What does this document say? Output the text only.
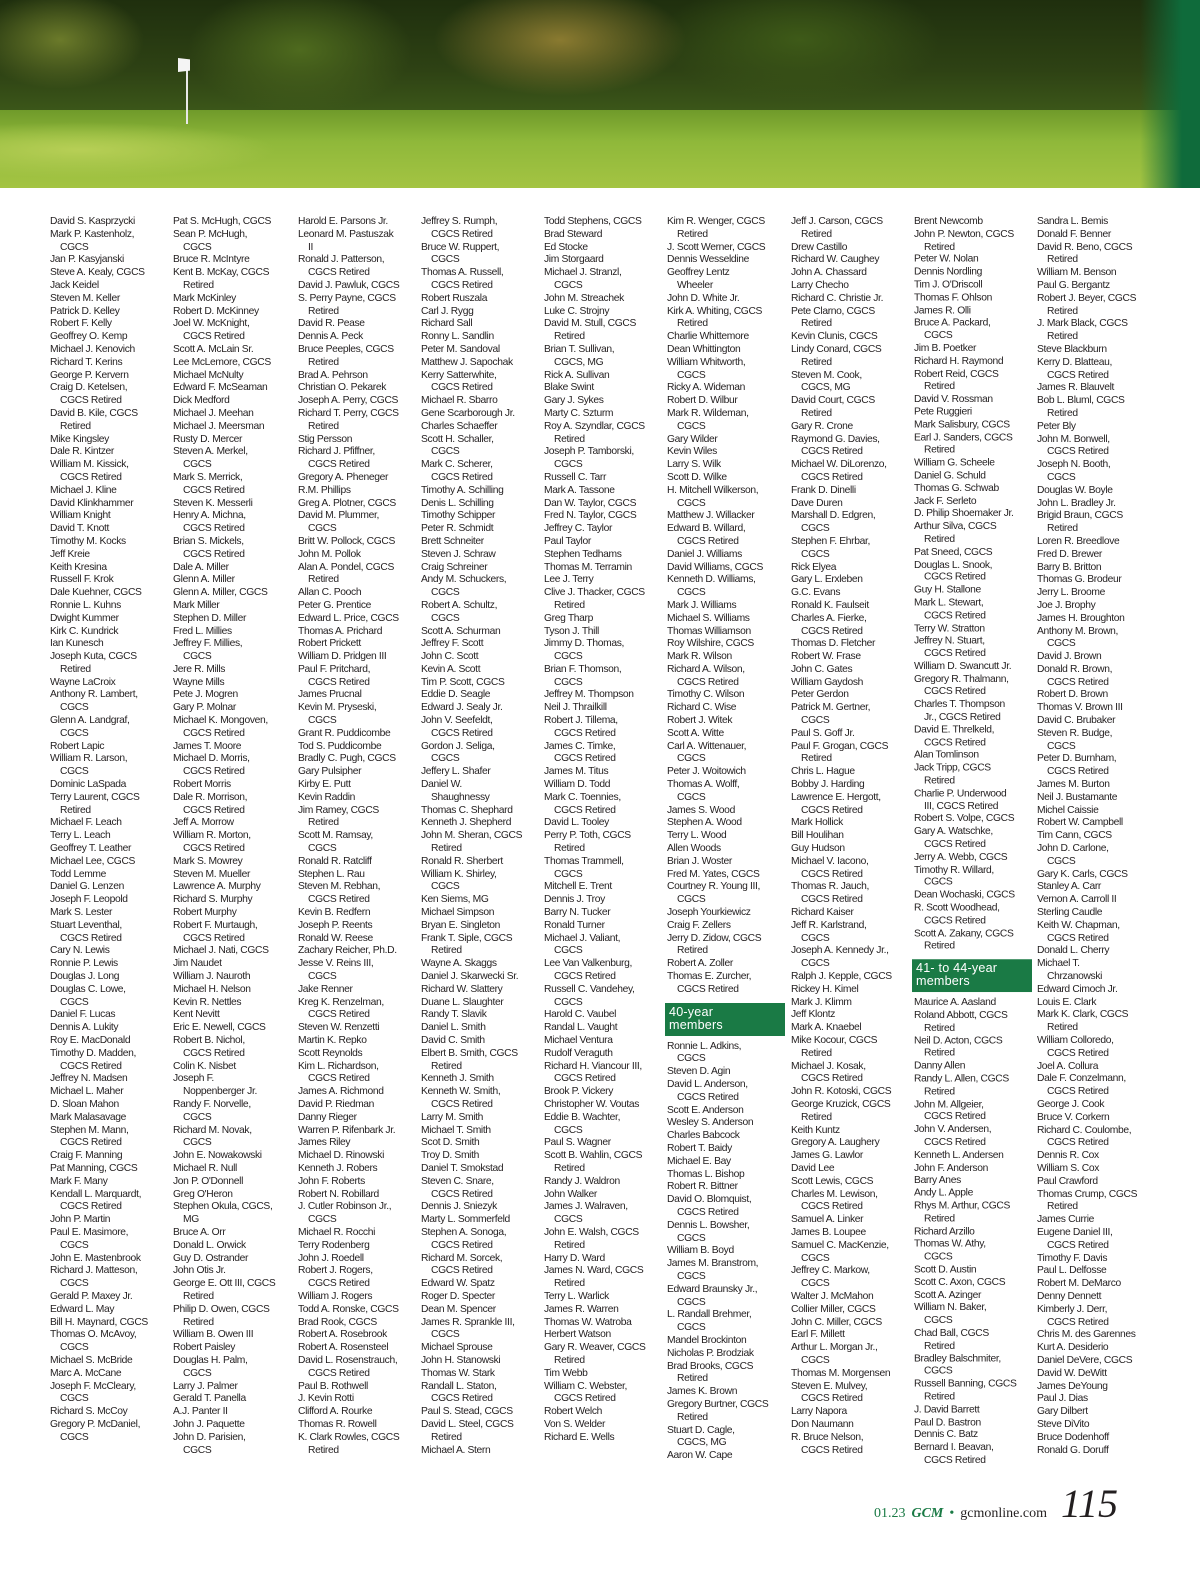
David S. Kasprzycki
Mark P. Kastenholz,
CGCS
Jan P. Kasyjanski
Steve A. Kealy, CGCS
Jack Keidel
Steven M. Keller
Patrick D. Kelley
Robert F. Kelly
Geoffrey O. Kemp
Michael J. Kenovich
Richard T. Kerins
George P. Kervern
Craig D. Ketelsen,
CGCS Retired
David B. Kile, CGCS
Retired
Mike Kingsley
Dale R. Kintzer
William M. Kissick,
CGCS Retired
Michael J. Kline
David Klinkhammer
William Knight
David T. Knott
Timothy M. Kocks
Jeff Kreie
Keith Kresina
Russell F. Krok
Dale Kuehner, CGCS
Ronnie L. Kuhns
Dwight Kummer
Kirk C. Kundrick
Ian Kunesch
Joseph Kuta, CGCS
Retired
Wayne LaCroix
Anthony R. Lambert,
CGCS
Glenn A. Landgraf,
CGCS
Robert Lapic
William R. Larson,
CGCS
Dominic LaSpada
Terry Laurent, CGCS
Retired
Michael F. Leach
Terry L. Leach
Geoffrey T. Leather
Michael Lee, CGCS
Todd Lemme
Daniel G. Lenzen
Joseph F. Leopold
Mark S. Lester
Stuart Leventhal,
CGCS Retired
Cary N. Lewis
Ronnie P. Lewis
Douglas J. Long
Douglas C. Lowe,
CGCS
Daniel F. Lucas
Dennis A. Lukity
Roy E. MacDonald
Timothy D. Madden,
CGCS Retired
Jeffrey N. Madsen
Michael L. Maher
D. Sloan Mahon
Mark Malasavage
Stephen M. Mann,
CGCS Retired
Craig F. Manning
Pat Manning, CGCS
Mark F. Many
Kendall L. Marquardt,
CGCS Retired
John P. Martin
Paul E. Masimore,
CGCS
John E. Mastenbrook
Richard J. Matteson,
CGCS
Gerald P. Maxey Jr.
Edward L. May
Bill H. Maynard, CGCS
Thomas O. McAvoy,
CGCS
Michael S. McBride
Marc A. McCane
Joseph F. McCleary,
CGCS
Richard S. McCoy
Gregory P. McDaniel,
CGCS
Pat S. McHugh, CGCS
Sean P. McHugh,
CGCS
Bruce R. McIntyre
Kent B. McKay, CGCS
Retired
Mark McKinley
Robert D. McKinney
Joel W. McKnight,
CGCS Retired
Scott A. McLain Sr.
Lee McLemore, CGCS
Michael McNulty
Edward F. McSeaman
Dick Medford
Michael J. Meehan
Michael J. Meersman
Rusty D. Mercer
Steven A. Merkel,
CGCS
Mark S. Merrick,
CGCS Retired
Steven K. Messerli
Henry A. Michna,
CGCS Retired
Brian S. Mickels,
CGCS Retired
Dale A. Miller
Glenn A. Miller
Glenn A. Miller, CGCS
Mark Miller
Stephen D. Miller
Fred L. Millies
Jeffrey F. Millies,
CGCS
Jere R. Mills
Wayne Mills
Pete J. Mogren
Gary P. Molnar
Michael K. Mongoven,
CGCS Retired
James T. Moore
Michael D. Morris,
CGCS Retired
Robert Morris
Dale R. Morrison,
CGCS Retired
Jeff A. Morrow
William R. Morton,
CGCS Retired
Mark S. Mowrey
Steven M. Mueller
Lawrence A. Murphy
Richard S. Murphy
Robert Murphy
Robert F. Murtaugh,
CGCS Retired
Michael J. Nati, CGCS
Jim Naudet
William J. Nauroth
Michael H. Nelson
Kevin R. Nettles
Kent Nevitt
Eric E. Newell, CGCS
Robert B. Nichol,
CGCS Retired
Colin K. Nisbet
Joseph F.
Noppenberger Jr.
Randy F. Norvelle,
CGCS
Richard M. Novak,
CGCS
John E. Nowakowski
Michael R. Null
Jon P. O'Donnell
Greg O'Heron
Stephen Okula, CGCS,
MG
Bruce A. Orr
Donald L. Orwick
Guy D. Ostrander
John Otis Jr.
George E. Ott III, CGCS
Retired
Philip D. Owen, CGCS
Retired
William B. Owen III
Robert Paisley
Douglas H. Palm,
CGCS
Larry J. Palmer
Gerald T. Panella
A.J. Panter II
John J. Paquette
John D. Parisien,
CGCS
Harold E. Parsons Jr.
Leonard M. Pastuszak
II
Ronald J. Patterson,
CGCS Retired
David J. Pawluk, CGCS
S. Perry Payne, CGCS
Retired
David R. Pease
Dennis A. Peck
Bruce Peeples, CGCS
Retired
Brad A. Pehrson
Christian O. Pekarek
Joseph A. Perry, CGCS
Richard T. Perry, CGCS
Retired
Stig Persson
Richard J. Pfiffner,
CGCS Retired
Gregory A. Pheneger
R.M. Phillips
Greg A. Plotner, CGCS
David M. Plummer,
CGCS
Britt W. Pollock, CGCS
John M. Pollok
Alan A. Pondel, CGCS
Retired
Allan C. Pooch
Peter G. Prentice
Edward L. Price, CGCS
Thomas A. Prichard
Robert Prickett
William D. Pridgen III
Paul F. Pritchard,
CGCS Retired
James Prucnal
Kevin M. Pryseski,
CGCS
Grant R. Puddicombe
Tod S. Puddicombe
Bradly C. Pugh, CGCS
Gary Pulsipher
Kirby E. Putt
Kevin Raddin
Jim Ramey, CGCS
Retired
Scott M. Ramsay,
CGCS
Ronald R. Ratcliff
Stephen L. Rau
Steven M. Rebhan,
CGCS Retired
Kevin B. Redfern
Joseph P. Reents
Ronald W. Reese
Zachary Reicher, Ph.D.
Jesse V. Reins III,
CGCS
Jake Renner
Kreg K. Renzelman,
CGCS Retired
Steven W. Renzetti
Martin K. Repko
Scott Reynolds
Kim L. Richardson,
CGCS Retired
James A. Richmond
David P. Riedman
Danny Rieger
Warren P. Rifenbark Jr.
James Riley
Michael D. Rinowski
Kenneth J. Robers
John F. Roberts
Robert N. Robillard
J. Cutler Robinson Jr.,
CGCS
Michael R. Rocchi
Terry Rodenberg
John J. Roedell
Robert J. Rogers,
CGCS Retired
William J. Rogers
Todd A. Ronske, CGCS
Brad Rook, CGCS
Robert A. Rosebrook
Robert A. Rosensteel
David L. Rosenstrauch,
CGCS Retired
Paul B. Rothwell
J. Kevin Rotti
Clifford A. Rourke
Thomas R. Rowell
K. Clark Rowles, CGCS
Retired
Jeffrey S. Rumph,
CGCS Retired
Bruce W. Ruppert,
CGCS
Thomas A. Russell,
CGCS Retired
Robert Ruszala
Carl J. Rygg
Richard Sall
Ronny L. Sandlin
Peter M. Sandoval
Matthew J. Sapochak
Kerry Satterwhite,
CGCS Retired
Michael R. Sbarro
Gene Scarborough Jr.
Charles Schaeffer
Scott H. Schaller,
CGCS
Mark C. Scherer,
CGCS Retired
Timothy A. Schilling
Denis L. Schilling
Timothy Schipper
Peter R. Schmidt
Brett Schneiter
Steven J. Schraw
Craig Schreiner
Andy M. Schuckers,
CGCS
Robert A. Schultz,
CGCS
Scott A. Schurman
Jeffrey F. Scott
John C. Scott
Kevin A. Scott
Tim P. Scott, CGCS
Eddie D. Seagle
Edward J. Sealy Jr.
John V. Seefeldt,
CGCS Retired
Gordon J. Seliga,
CGCS
Jeffery L. Shafer
Daniel W.
Shaughnessy
Thomas C. Shephard
Kenneth J. Shepherd
John M. Sheran, CGCS
Retired
Ronald R. Sherbert
William K. Shirley,
CGCS
Ken Siems, MG
Michael Simpson
Bryan E. Singleton
Frank T. Siple, CGCS
Retired
Wayne A. Skaggs
Daniel J. Skarwecki Sr.
Richard W. Slattery
Duane L. Slaughter
Randy T. Slavik
Daniel L. Smith
David C. Smith
Elbert B. Smith, CGCS
Retired
Kenneth J. Smith
Kenneth W. Smith,
CGCS Retired
Larry M. Smith
Michael T. Smith
Scot D. Smith
Troy D. Smith
Daniel T. Smokstad
Steven C. Snare,
CGCS Retired
Dennis J. Sniezyk
Marty L. Sommerfeld
Stephen A. Sonoga,
CGCS Retired
Richard M. Sorcek,
CGCS Retired
Edward W. Spatz
Roger D. Specter
Dean M. Spencer
James R. Sprankle III,
CGCS
Michael Sprouse
John H. Stanowski
Thomas W. Stark
Randall L. Staton,
CGCS Retired
Paul S. Stead, CGCS
David L. Steel, CGCS
Retired
Michael A. Stern
Todd Stephens, CGCS
Brad Steward
Ed Stocke
Jim Storgaard
Michael J. Stranzl,
CGCS
John M. Streachek
Luke C. Strojny
David M. Stull, CGCS
Retired
Brian T. Sullivan,
CGCS, MG
Rick A. Sullivan
Blake Swint
Gary J. Sykes
Marty C. Szturm
Roy A. Szyndlar, CGCS
Retired
Joseph P. Tamborski,
CGCS
Russell C. Tarr
Mark A. Tassone
Dan W. Taylor, CGCS
Fred N. Taylor, CGCS
Jeffrey C. Taylor
Paul Taylor
Stephen Tedhams
Thomas M. Terramin
Lee J. Terry
Clive J. Thacker, CGCS
Retired
Greg Tharp
Tyson J. Thill
Jimmy D. Thomas,
CGCS
Brian F. Thomson,
CGCS
Jeffrey M. Thompson
Neil J. Thrailkill
Robert J. Tillema,
CGCS Retired
James C. Timke,
CGCS Retired
James M. Titus
William D. Todd
Mark C. Toennies,
CGCS Retired
David L. Tooley
Perry P. Toth, CGCS
Retired
Thomas Trammell,
CGCS
Mitchell E. Trent
Dennis J. Troy
Barry N. Tucker
Ronald Turner
Michael J. Valiant,
CGCS
Lee Van Valkenburg,
CGCS Retired
Russell C. Vandehey,
CGCS
Harold C. Vaubel
Randal L. Vaught
Michael Ventura
Rudolf Veraguth
Richard H. Viancour III,
CGCS Retired
Brook P. Vickery
Christopher W. Voutas
Eddie B. Wachter,
CGCS
Paul S. Wagner
Scott B. Wahlin, CGCS
Retired
Randy J. Waldron
John Walker
James J. Walraven,
CGCS
John E. Walsh, CGCS
Retired
Harry D. Ward
James N. Ward, CGCS
Retired
Terry L. Warlick
James R. Warren
Thomas W. Watroba
Herbert Watson
Gary R. Weaver, CGCS
Retired
Tim Webb
William C. Webster,
CGCS Retired
Robert Welch
Von S. Welder
Richard E. Wells
Kim R. Wenger, CGCS
Retired
J. Scott Werner, CGCS
Dennis Wesseldine
Geoffrey Lentz
Wheeler
John D. White Jr.
Kirk A. Whiting, CGCS
Retired
Charlie Whittemore
Dean Whittington
William Whitworth,
CGCS
Ricky A. Wideman
Robert D. Wilbur
Mark R. Wildeman,
CGCS
Gary Wilder
Kevin Wiles
Larry S. Wilk
Scott D. Wilke
H. Mitchell Wilkerson,
CGCS
Matthew J. Willacker
Edward B. Willard,
CGCS Retired
Daniel J. Williams
David Williams, CGCS
Kenneth D. Williams,
CGCS
Mark J. Williams
Michael S. Williams
Thomas Williamson
Roy Wilshire, CGCS
Mark R. Wilson
Richard A. Wilson,
CGCS Retired
Timothy C. Wilson
Richard C. Wise
Robert J. Witek
Scott A. Witte
Carl A. Wittenauer,
CGCS
Peter J. Woitowich
Thomas A. Wolff,
CGCS
James S. Wood
Stephen A. Wood
Terry L. Wood
Allen Woods
Brian J. Woster
Fred M. Yates, CGCS
Courtney R. Young III,
CGCS
Joseph Yourkiewicz
Craig F. Zellers
Jerry D. Zidow, CGCS
Retired
Robert A. Zoller
Thomas E. Zurcher,
CGCS Retired
40-year
members
Ronnie L. Adkins,
CGCS
Steven D. Agin
David L. Anderson,
CGCS Retired
Scott E. Anderson
Wesley S. Anderson
Charles Babcock
Robert T. Baidy
Michael E. Bay
Thomas L. Bishop
Robert R. Bittner
David O. Blomquist,
CGCS Retired
Dennis L. Bowsher,
CGCS
William B. Boyd
James M. Branstrom,
CGCS
Edward Braunsky Jr.,
CGCS
L. Randall Brehmer,
CGCS
Mandel Brockinton
Nicholas P. Brodziak
Brad Brooks, CGCS
Retired
James K. Brown
Gregory Burtner, CGCS
Retired
Stuart D. Cagle,
CGCS, MG
Aaron W. Cape
Jeff J. Carson, CGCS
Retired
Drew Castillo
Richard W. Caughey
John A. Chassard
Larry Checho
Richard C. Christie Jr.
Pete Clarno, CGCS
Retired
Kevin Clunis, CGCS
Lindy Conard, CGCS
Retired
Steven M. Cook,
CGCS, MG
David Court, CGCS
Retired
Gary R. Crone
Raymond G. Davies,
CGCS Retired
Michael W. DiLorenzo,
CGCS Retired
Frank D. Dinelli
Dave Duren
Marshall D. Edgren,
CGCS
Stephen F. Ehrbar,
CGCS
Rick Elyea
Gary L. Erxleben
G.C. Evans
Ronald K. Faulseit
Charles A. Fierke,
CGCS Retired
Thomas D. Fletcher
Robert W. Frase
John C. Gates
William Gaydosh
Peter Gerdon
Patrick M. Gertner,
CGCS
Paul S. Goff Jr.
Paul F. Grogan, CGCS
Retired
Chris L. Hague
Bobby J. Harding
Lawrence E. Hergott,
CGCS Retired
Mark Hollick
Bill Houlihan
Guy Hudson
Michael V. Iacono,
CGCS Retired
Thomas R. Jauch,
CGCS Retired
Richard Kaiser
Jeff R. Karlstrand,
CGCS
Joseph A. Kennedy Jr.,
CGCS
Ralph J. Kepple, CGCS
Rickey H. Kimel
Mark J. Klimm
Jeff Klontz
Mark A. Knaebel
Mike Kocour, CGCS
Retired
Michael J. Kosak,
CGCS Retired
John R. Kotoski, CGCS
George Kruzick, CGCS
Retired
Keith Kuntz
Gregory A. Laughery
James G. Lawlor
David Lee
Scott Lewis, CGCS
Charles M. Lewison,
CGCS Retired
Samuel A. Linker
James B. Loupee
Samuel C. MacKenzie,
CGCS
Jeffrey C. Markow,
CGCS
Walter J. McMahon
Collier Miller, CGCS
John C. Miller, CGCS
Earl F. Millett
Arthur L. Morgan Jr.,
CGCS
Thomas M. Morgensen
Steven E. Mulvey,
CGCS Retired
Larry Napora
Don Naumann
R. Bruce Nelson,
CGCS Retired
Brent Newcomb
John P. Newton, CGCS
Retired
Peter W. Nolan
Dennis Nordling
Tim J. O'Driscoll
Thomas F. Ohlson
James R. Olli
Bruce A. Packard,
CGCS
Jim B. Poetker
Richard H. Raymond
Robert Reid, CGCS
Retired
David V. Rossman
Pete Ruggieri
Mark Salisbury, CGCS
Earl J. Sanders, CGCS
Retired
William G. Scheele
Daniel G. Schuld
Thomas G. Schwab
Jack F. Serleto
D. Philip Shoemaker Jr.
Arthur Silva, CGCS
Retired
Pat Sneed, CGCS
Douglas L. Snook,
CGCS Retired
Guy H. Stallone
Mark L. Stewart,
CGCS Retired
Terry W. Stratton
Jeffrey N. Stuart,
CGCS Retired
William D. Swancutt Jr.
Gregory R. Thalmann,
CGCS Retired
Charles T. Thompson
Jr., CGCS Retired
David E. Threlkeld,
CGCS Retired
Alan Tomlinson
Jack Tripp, CGCS
Retired
Charlie P. Underwood
III, CGCS Retired
Robert S. Volpe, CGCS
Gary A. Watschke,
CGCS Retired
Jerry A. Webb, CGCS
Timothy R. Willard,
CGCS
Dean Wochaski, CGCS
R. Scott Woodhead,
CGCS Retired
Scott A. Zakany, CGCS
Retired
41- to 44-year
members
Maurice A. Aasland
Roland Abbott, CGCS
Retired
Neil D. Acton, CGCS
Retired
Danny Allen
Randy L. Allen, CGCS
Retired
John M. Allgeier,
CGCS Retired
John V. Andersen,
CGCS Retired
Kenneth L. Andersen
John F. Anderson
Barry Anes
Andy L. Apple
Rhys M. Arthur, CGCS
Retired
Richard Arzillo
Thomas W. Athy,
CGCS
Scott D. Austin
Scott C. Axon, CGCS
Scott A. Azinger
William N. Baker,
CGCS
Chad Ball, CGCS
Retired
Bradley Balschmiter,
CGCS
Russell Banning, CGCS
Retired
J. David Barrett
Paul D. Bastron
Dennis C. Batz
Bernard I. Beavan,
CGCS Retired
Sandra L. Bemis
Donald F. Benner
David R. Beno, CGCS
Retired
William M. Benson
Paul G. Bergantz
Robert J. Beyer, CGCS
Retired
J. Mark Black, CGCS
Retired
Steve Blackburn
Kerry D. Blatteau,
CGCS Retired
James R. Blauvelt
Bob L. Bluml, CGCS
Retired
Peter Bly
John M. Bonwell,
CGCS Retired
Joseph N. Booth,
CGCS
Douglas W. Boyle
John L. Bradley Jr.
Brigid Braun, CGCS
Retired
Loren R. Breedlove
Fred D. Brewer
Barry B. Britton
Thomas G. Brodeur
Jerry L. Broome
Joe J. Brophy
James H. Broughton
Anthony M. Brown,
CGCS
David J. Brown
Donald R. Brown,
CGCS Retired
Robert D. Brown
Thomas V. Brown III
David C. Brubaker
Steven R. Budge,
CGCS
Peter D. Burnham,
CGCS Retired
James M. Burton
Neil J. Bustamante
Michel Caissie
Robert W. Campbell
Tim Cann, CGCS
John D. Carlone,
CGCS
Gary K. Carls, CGCS
Stanley A. Carr
Vernon A. Carroll II
Sterling Caudle
Keith W. Chapman,
CGCS Retired
Donald L. Cherry
Michael T.
Chrzanowski
Edward Cimoch Jr.
Louis E. Clark
Mark K. Clark, CGCS
Retired
William Colloredo,
CGCS Retired
Joel A. Collura
Dale F. Conzelmann,
CGCS Retired
George J. Cook
Bruce V. Corkern
Richard C. Coulombe,
CGCS Retired
Dennis R. Cox
William S. Cox
Paul Crawford
Thomas Crump, CGCS
Retired
James Currie
Eugene Daniel III,
CGCS Retired
Timothy F. Davis
Paul L. Delfosse
Robert M. DeMarco
Denny Dennett
Kimberly J. Derr,
CGCS Retired
Chris M. des Garennes
Kurt A. Desiderio
Daniel DeVere, CGCS
David W. DeWitt
James DeYoung
Paul J. Dias
Gary Dilbert
Steve DiVito
Bruce Dodenhoff
Ronald G. Doruff
01.23 GCM • gcmonline.com 115
